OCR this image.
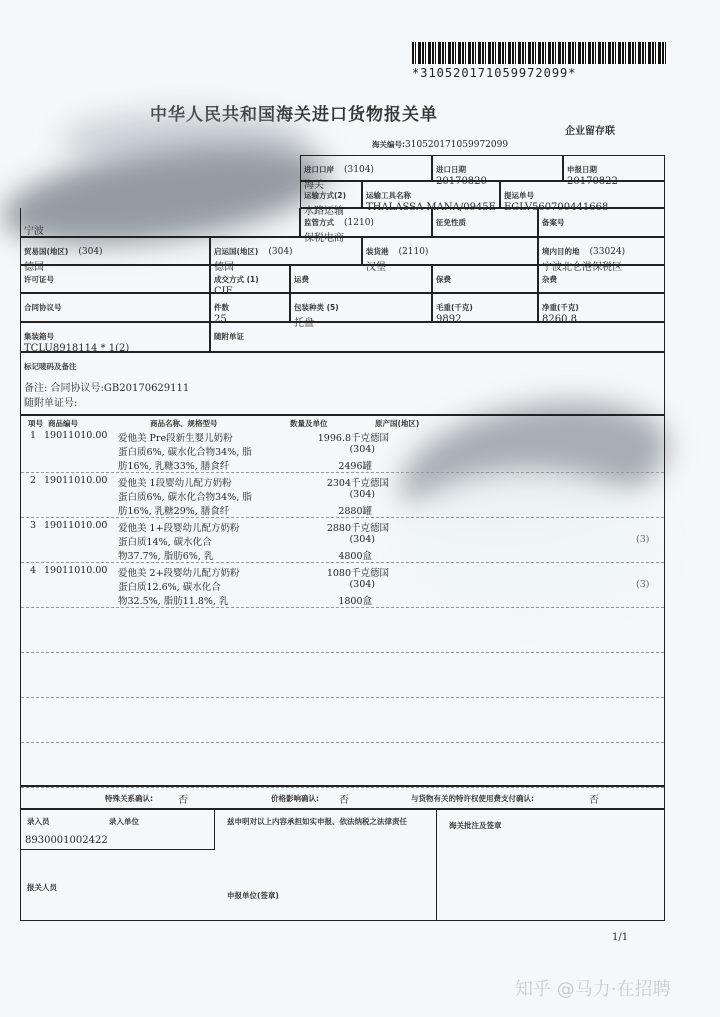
*310520171059972099*
中华人民共和国海关进口货物报关单
企业留存联
海关编号:310520171059972099
进口口岸 (3104)
海关
进口日期
20170820
申报日期
20170822
运输方式(2)
水路运输
运输工具名称
THALASSA MANA/0945E
提运单号
EGLV560700441668
宁波
监管方式 (1210)
保税电商
征免性质	备案号
贸易国(地区) (304)
德国
启运国(地区) (304)
德国
装货港 (2110)
汉堡
境内目的地 (33024)
宁波北仑港保税区
许可证号	成交方式 (1)
CIF
运费	保费	杂费
合同协议号	件数
25
包装种类 (5)
托盘
毛重(千克)
9892
净重(千克)
8260.8
集装箱号
TCLU8918114 * 1(2)
随附单证
标记唛码及备注
备注: 合同协议号:GB20170629111
随附单证号:
项号 商品编号	商品名称、规格型号	数量及单位	原产国(地区)
1 19011010.00 爱他美 Pre段新生婴儿奶粉
蛋白质6%, 碳水化合物34%, 脂
肪16%, 乳糖33%, 膳食纤
1996.8千克 德国
(304)
2496罐
2 19011010.00 爱他美 1段婴幼儿配方奶粉
蛋白质6%, 碳水化合物34%, 脂
肪16%, 乳糖29%, 膳食纤
2304千克 德国
(304)
2880罐
3 19011010.00 爱他美 1+段婴幼儿配方奶粉
蛋白质14%, 碳水化合
物37.7%, 脂肪6%, 乳
2880千克 德国
(304)
4800盒
(3)
4 19011010.00 爱他美 2+段婴幼儿配方奶粉
蛋白质12.6%, 碳水化合
物32.5%, 脂肪11.8%, 乳
1080千克 德国
(304)
1800盒
(3)
特殊关系确认:	否	价格影响确认: 否	与货物有关的特许权使用费支付确认:	否
录入员	录入单位
8930001002422
兹申明对以上内容承担如实申报、依法纳税之法律责任	海关批注及签章
报关人员
申报单位(签章)
1/1
知乎 @马力·在招聘
